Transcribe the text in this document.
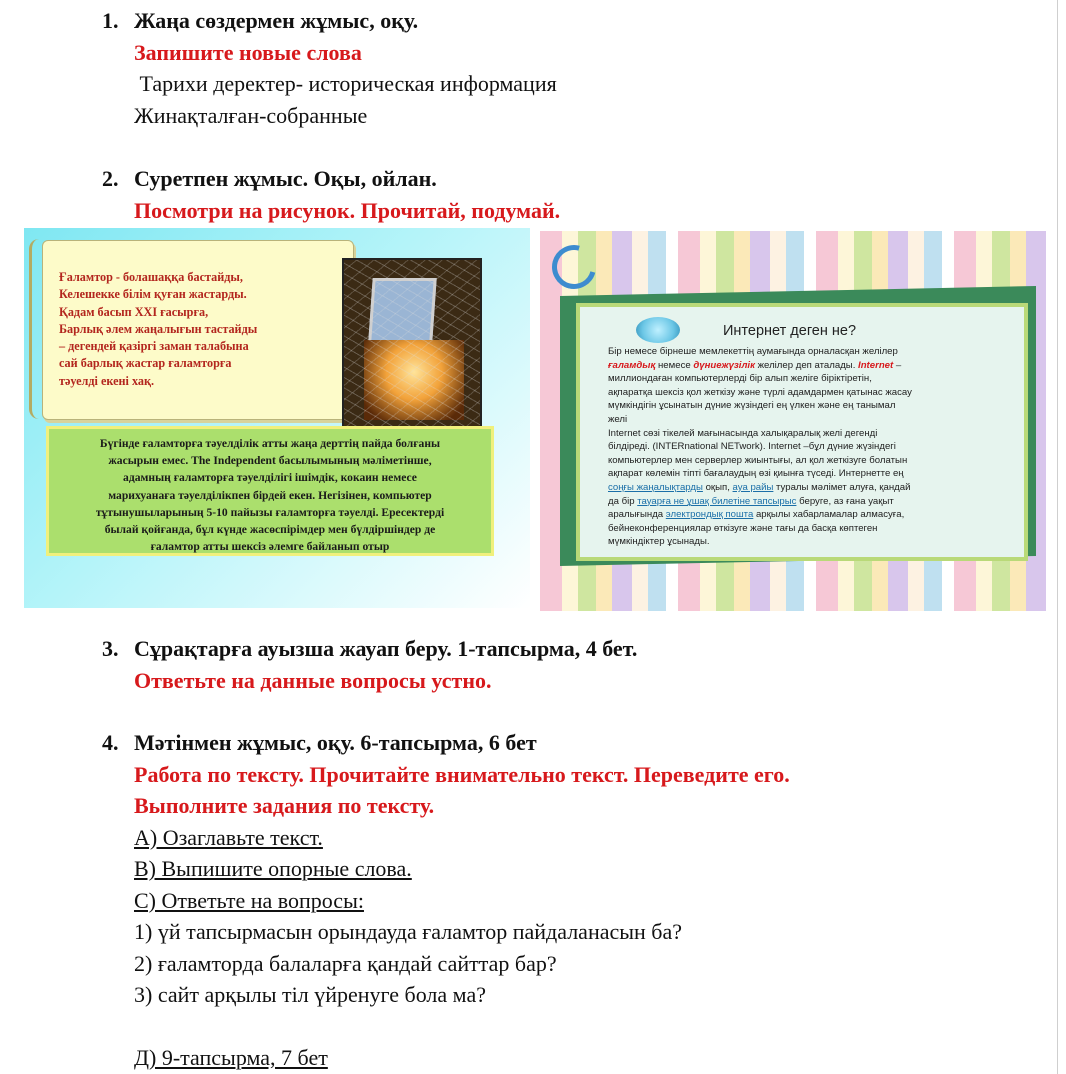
1. Жаңа сөздермен жұмыс, оқу.
Запишите новые слова
Тарихи деректер- историческая информация
Жинақталған-собранные
2. Суретпен жұмыс. Оқы, ойлан.
Посмотри на рисунок. Прочитай, подумай.
Ғаламтор - болашаққа бастайды,
Келешекке білім қуған жастарды.
Қадам басып XXI ғасырға,
Барлық әлем жаңалығын тастайды
– дегендей қазіргі заман талабына
сай барлық жастар ғаламторға
тәуелді екені хақ.
Бүгінде ғаламторға тәуелділік атты жаңа дерттің пайда болғаны
жасырын емес. The Independent басылымының мәліметінше,
адамның ғаламторға тәуелділігі ішімдік, кокаин немесе
марихуанаға тәуелділікпен бірдей екен. Негізінен, компьютер
тұтынушыларының 5-10 пайызы ғаламторға тәуелді. Ересектерді
былай қойғанда, бұл күнде жасөспірімдер мен бүлдіршіндер де
ғаламтор атты шексіз әлемге байланып отыр
Интернет деген не?
Бір немесе бірнеше мемлекеттің аумағында орналасқан желілер
ғаламдық немесе дүниежүзілік желілер деп аталады. Internet –
миллиондаған компьютерлерді бір алып желіге біріктіретін,
ақпаратқа шексіз қол жеткізу және түрлі адамдармен қатынас жасау
мүмкіндігін ұсынатын дүние жүзіндегі ең үлкен және ең танымал
желі
Internet сөзі тікелей мағынасында халықаралық желі дегенді
білдіреді. (INTERnational NETwork). Internet –бұл дүние жүзіндегі
компьютерлер мен серверлер жиынтығы, ал қол жеткізуге болатын
ақпарат көлемін тіпті бағалаудың өзі қиынға түседі. Интернетте ең
соңғы жаңалықтарды оқып, ауа райы туралы мәлімет алуға, қандай
да бір тауарға не ұшақ билетіне тапсырыс беруге, аз ғана уақыт
аралығында электрондық пошта арқылы хабарламалар алмасуға,
бейнеконференциялар өткізуге және тағы да басқа көптеген
мүмкіндіктер ұсынады.
3. Сұрақтарға ауызша жауап беру. 1-тапсырма, 4 бет.
Ответьте на данные вопросы устно.
4. Мәтінмен жұмыс, оқу. 6-тапсырма, 6 бет
Работа по тексту. Прочитайте внимательно текст. Переведите его.
Выполните задания по тексту.
А) Озаглавьте текст.
В) Выпишите опорные слова.
С) Ответьте на вопросы:
1) үй тапсырмасын орындауда ғаламтор пайдаланасын ба?
2) ғаламторда балаларға қандай сайттар бар?
3) сайт арқылы тіл үйренуге бола ма?
Д) 9-тапсырма, 7 бет
